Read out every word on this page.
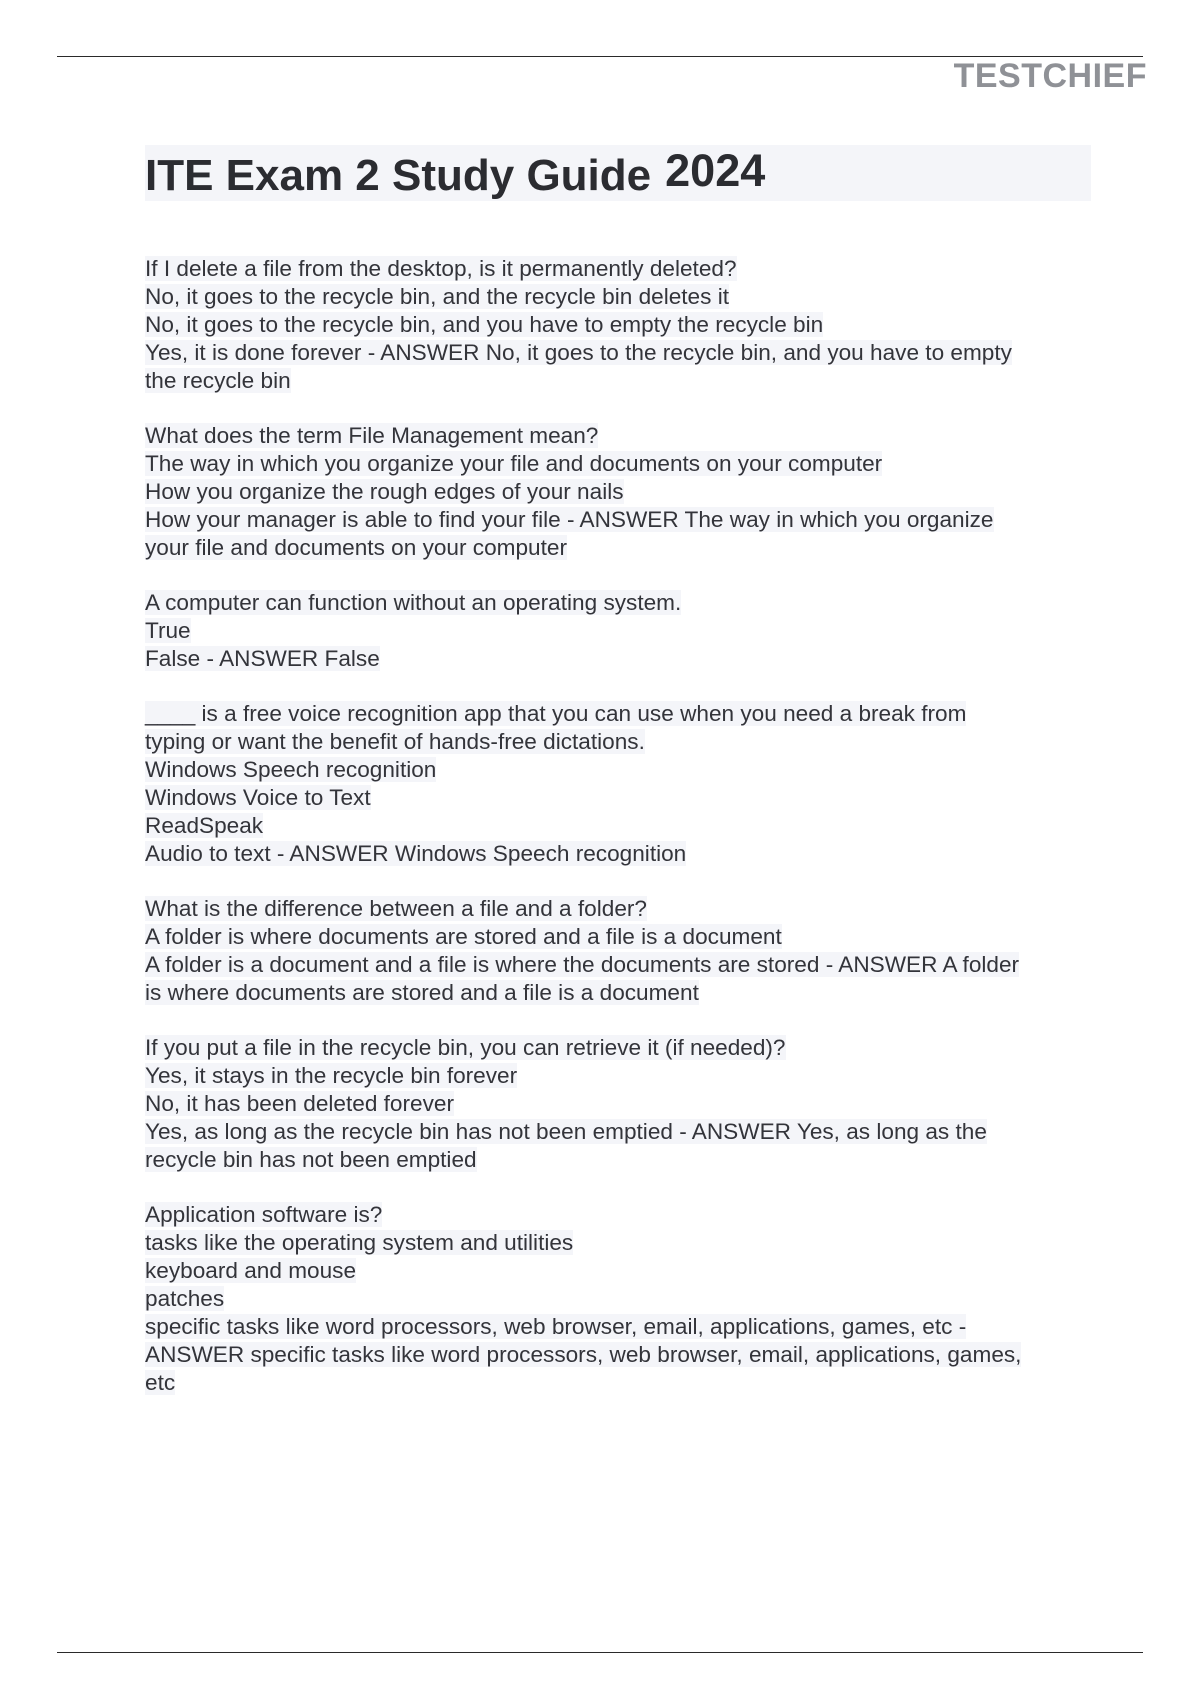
TESTCHIEF
ITE Exam 2 Study Guide 2024
If I delete a file from the desktop, is it permanently deleted?
No, it goes to the recycle bin, and the recycle bin deletes it
No, it goes to the recycle bin, and you have to empty the recycle bin
Yes, it is done forever - ANSWER No, it goes to the recycle bin, and you have to empty
the recycle bin
What does the term File Management mean?
The way in which you organize your file and documents on your computer
How you organize the rough edges of your nails
How your manager is able to find your file - ANSWER The way in which you organize
your file and documents on your computer
A computer can function without an operating system.
True
False - ANSWER False
____ is a free voice recognition app that you can use when you need a break from
typing or want the benefit of hands-free dictations.
Windows Speech recognition
Windows Voice to Text
ReadSpeak
Audio to text - ANSWER Windows Speech recognition
What is the difference between a file and a folder?
A folder is where documents are stored and a file is a document
A folder is a document and a file is where the documents are stored - ANSWER A folder
is where documents are stored and a file is a document
If you put a file in the recycle bin, you can retrieve it (if needed)?
Yes, it stays in the recycle bin forever
No, it has been deleted forever
Yes, as long as the recycle bin has not been emptied - ANSWER Yes, as long as the
recycle bin has not been emptied
Application software is?
tasks like the operating system and utilities
keyboard and mouse
patches
specific tasks like word processors, web browser, email, applications, games, etc -
ANSWER specific tasks like word processors, web browser, email, applications, games,
etc
